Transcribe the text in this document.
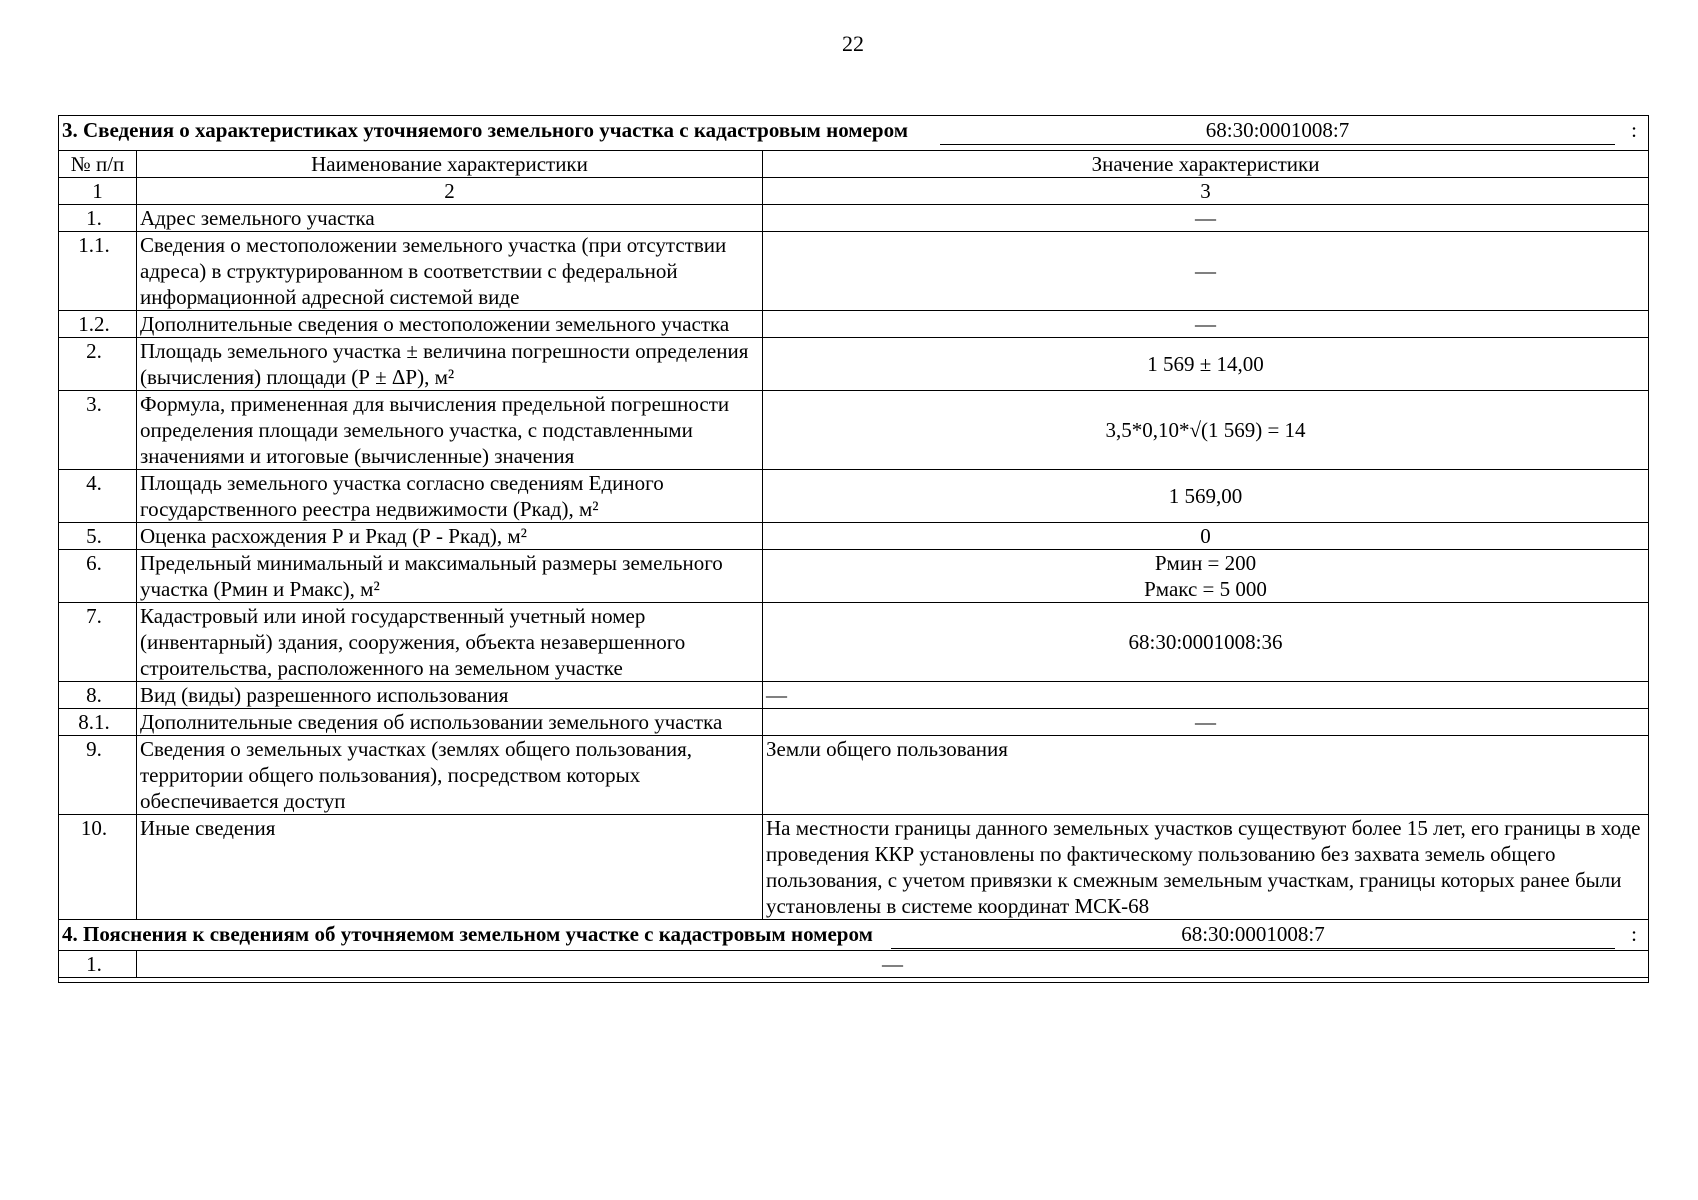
22
3. Сведения о характеристиках уточняемого земельного участка с кадастровым номером 68:30:0001008:7 :		

№ п/п	Наименование характеристики	Значение характеристики
1	2	3
1.	Адрес земельного участка	—
1.1.	Сведения о местоположении земельного участка (при отсутствии адреса) в структурированном в соответствии с федеральной информационной адресной системой виде	—
1.2.	Дополнительные сведения о местоположении земельного участка	—
2.	Площадь земельного участка ± величина погрешности определения (вычисления) площади (Р ± ΔР), м²	1 569 ± 14,00
3.	Формула, примененная для вычисления предельной погрешности определения площади земельного участка, с подставленными значениями и итоговые (вычисленные) значения	3,5*0,10*√(1 569) = 14
4.	Площадь земельного участка согласно сведениям Единого государственного реестра недвижимости (Ркад), м²	1 569,00
5.	Оценка расхождения Р и Ркад (Р - Ркад), м²	0
6.	Предельный минимальный и максимальный размеры земельного участка (Рмин и Рмакс), м²	Рмин = 200
Рмакс = 5 000

7.	Кадастровый или иной государственный учетный номер (инвентарный) здания, сооружения, объекта незавершенного строительства, расположенного на земельном участке	68:30:0001008:36
8.	Вид (виды) разрешенного использования	—
8.1.	Дополнительные сведения об использовании земельного участка	—
9.	Сведения о земельных участках (землях общего пользования, территории общего пользования), посредством которых обеспечивается доступ	Земли общего пользования
10.	Иные сведения	На местности границы данного земельных участков существуют более 15 лет, его границы в ходе проведения ККР установлены по фактическому пользованию без захвата земель общего пользования, с учетом привязки к смежным земельным участкам, границы которых ранее были установлены в системе координат МСК-68

4. Пояснения к сведениям об уточняемом земельном участке с кадастровым номером 68:30:0001008:7 :		

1.	—	
